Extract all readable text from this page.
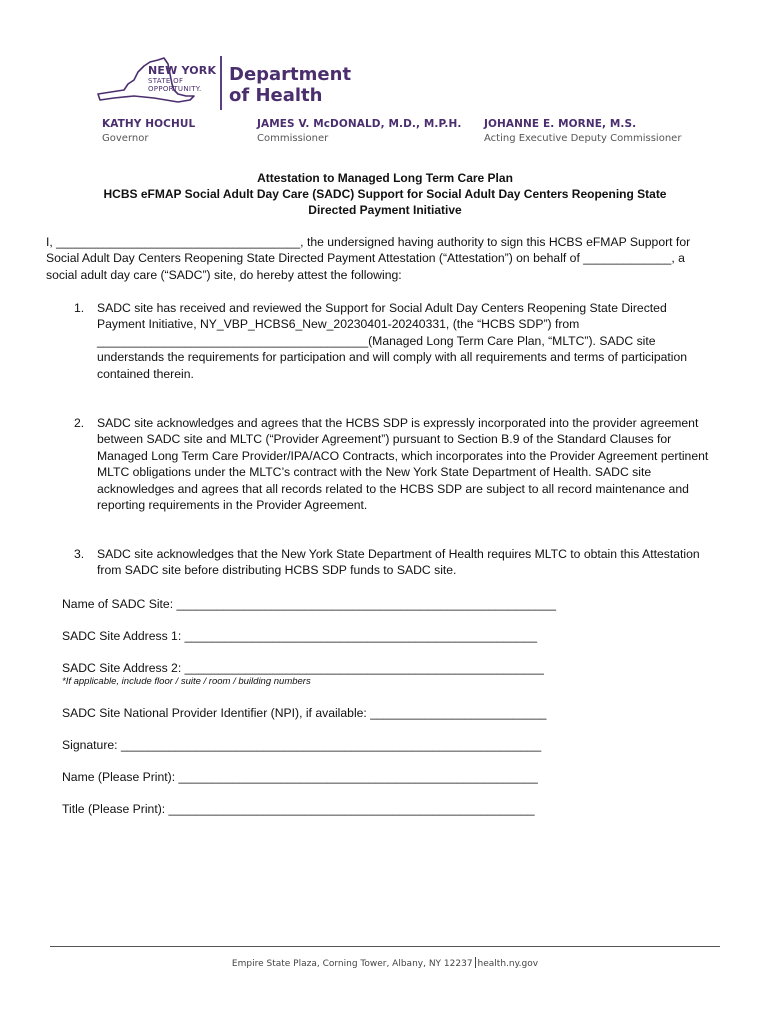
NEW YORK
STATE OF
OPPORTUNITY.
Department
of Health
KATHY HOCHUL
Governor
JAMES V. McDONALD, M.D., M.P.H.
Commissioner
JOHANNE E. MORNE, M.S.
Acting Executive Deputy Commissioner
Attestation to Managed Long Term Care Plan
HCBS eFMAP Social Adult Day Care (SADC) Support for Social Adult Day Centers Reopening State
Directed Payment Initiative
I, ____________________________________, the undersigned having authority to sign this HCBS eFMAP Support for Social Adult Day Centers Reopening State Directed Payment Attestation (“Attestation”) on behalf of _____________, a social adult day care (“SADC”) site, do hereby attest the following:
1. SADC site has received and reviewed the Support for Social Adult Day Centers Reopening State Directed Payment Initiative, NY_VBP_HCBS6_New_20230401-20240331, (the “HCBS SDP”) from ________________________________________(Managed Long Term Care Plan, “MLTC”). SADC site understands the requirements for participation and will comply with all requirements and terms of participation contained therein.
2. SADC site acknowledges and agrees that the HCBS SDP is expressly incorporated into the provider agreement between SADC site and MLTC (“Provider Agreement”) pursuant to Section B.9 of the Standard Clauses for Managed Long Term Care Provider/IPA/ACO Contracts, which incorporates into the Provider Agreement pertinent MLTC obligations under the MLTC’s contract with the New York State Department of Health. SADC site acknowledges and agrees that all records related to the HCBS SDP are subject to all record maintenance and reporting requirements in the Provider Agreement.
3. SADC site acknowledges that the New York State Department of Health requires MLTC to obtain this Attestation from SADC site before distributing HCBS SDP funds to SADC site.
Name of SADC Site: ________________________________________________________
SADC Site Address 1: ____________________________________________________
SADC Site Address 2: _____________________________________________________
*If applicable, include floor / suite / room / building numbers
SADC Site National Provider Identifier (NPI), if available: __________________________
Signature: ______________________________________________________________
Name (Please Print): _____________________________________________________
Title (Please Print): ______________________________________________________
Empire State Plaza, Corning Tower, Albany, NY 12237 health.ny.gov
